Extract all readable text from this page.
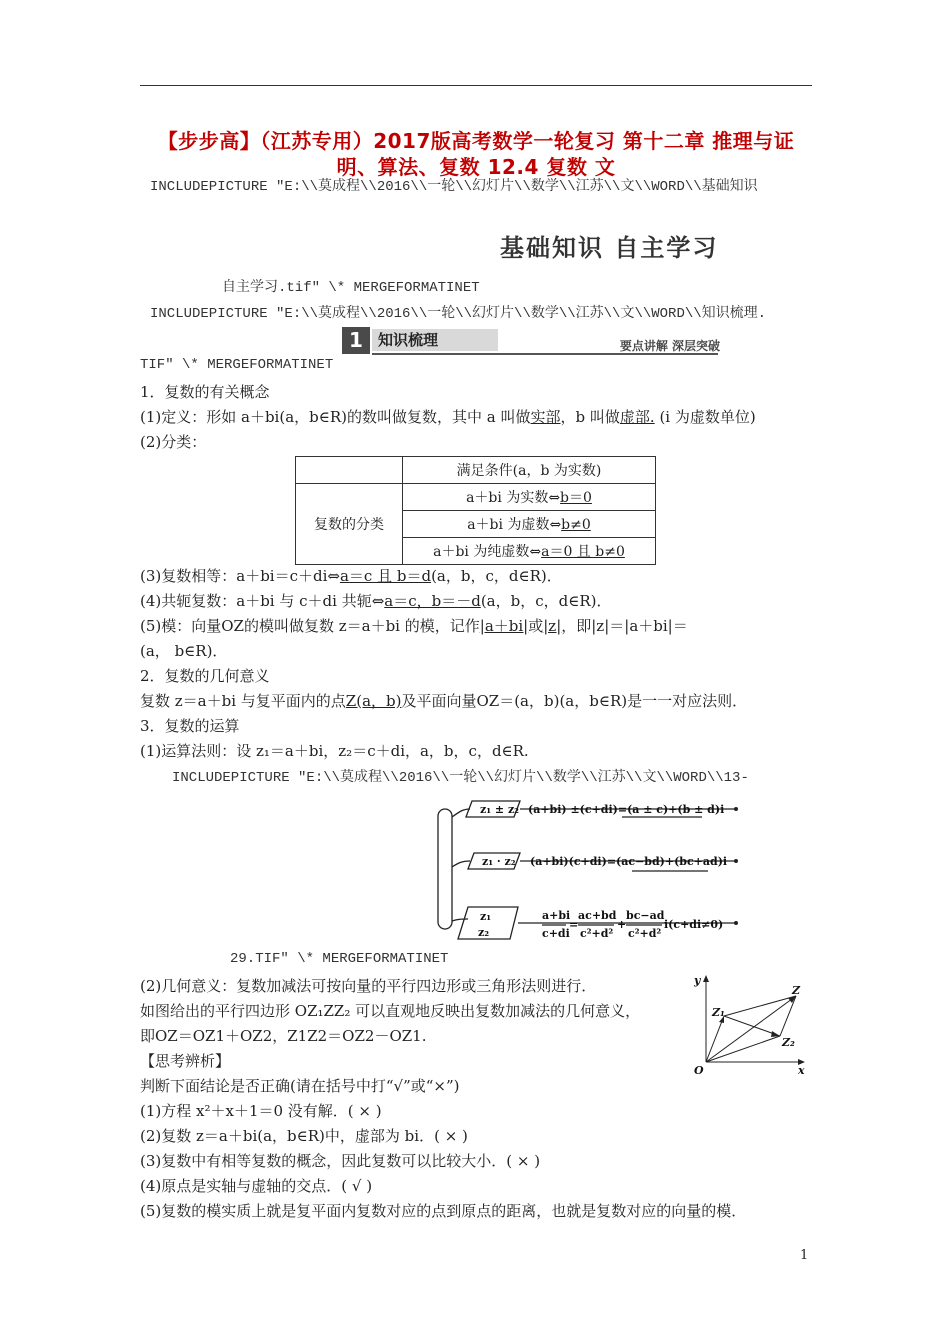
【步步高】（江苏专用）2017版高考数学一轮复习 第十二章 推理与证
明、算法、复数 12.4 复数 文
INCLUDEPICTURE "E:\\莫成程\\2016\\一轮\\幻灯片\\数学\\江苏\\文\\WORD\\基础知识
基础知识 自主学习
自主学习.tif" \* MERGEFORMATINET
INCLUDEPICTURE "E:\\莫成程\\2016\\一轮\\幻灯片\\数学\\江苏\\文\\WORD\\知识梳理.
1	知识梳理	要点讲解 深层突破
TIF" \* MERGEFORMATINET
1．复数的有关概念
(1)定义：形如 a＋bi(a，b∈R)的数叫做复数，其中 a 叫做实部，b 叫做虚部. (i 为虚数单位)
(2)分类：
	满足条件(a，b 为实数)
复数的分类	a＋bi 为实数⇔b＝0
	a＋bi 为虚数⇔b≠0
	a＋bi 为纯虚数⇔a＝0 且 b≠0
(3)复数相等：a＋bi＝c＋di⇔a＝c 且 b＝d(a，b，c，d∈R)．
(4)共轭复数：a＋bi 与 c＋di 共轭⇔a＝c，b＝－d(a，b，c，d∈R)．
(5)模：向量OZ的模叫做复数 z＝a＋bi 的模，记作|a＋bi|或|z|，即|z|＝|a＋bi|＝
(a， b∈R)．
2．复数的几何意义
复数 z＝a＋bi 与复平面内的点Z(a，b)及平面向量OZ＝(a，b)(a，b∈R)是一一对应法则．
3．复数的运算
(1)运算法则：设 z₁＝a＋bi，z₂＝c＋di，a，b，c，d∈R.
INCLUDEPICTURE "E:\\莫成程\\2016\\一轮\\幻灯片\\数学\\江苏\\文\\WORD\\13-
z₁ ± z₂ (a+bi) ±(c+di)=(a ± c)+(b ± d)i
z₁ · z₂ (a+bi)(c+di)=(ac−bd)+(bc+ad)i
z₁
z₂
a+bi
c+di
=
ac+bd
c²+d²
+
bc−ad
c²+d²
i(c+di≠0)
29.TIF" \* MERGEFORMATINET
(2)几何意义：复数加减法可按向量的平行四边形或三角形法则进行．
如图给出的平行四边形 OZ₁ZZ₂ 可以直观地反映出复数加减法的几何意义，
即OZ＝OZ1＋OZ2，Z1Z2＝OZ2－OZ1.
y
x
O
Z
Z₁
Z₂
【思考辨析】
判断下面结论是否正确(请在括号中打“√”或“×”)
(1)方程 x²＋x＋1＝0 没有解．( × )
(2)复数 z＝a＋bi(a，b∈R)中，虚部为 bi．( × )
(3)复数中有相等复数的概念，因此复数可以比较大小．( × )
(4)原点是实轴与虚轴的交点．( √ )
(5)复数的模实质上就是复平面内复数对应的点到原点的距离，也就是复数对应的向量的模．
1
